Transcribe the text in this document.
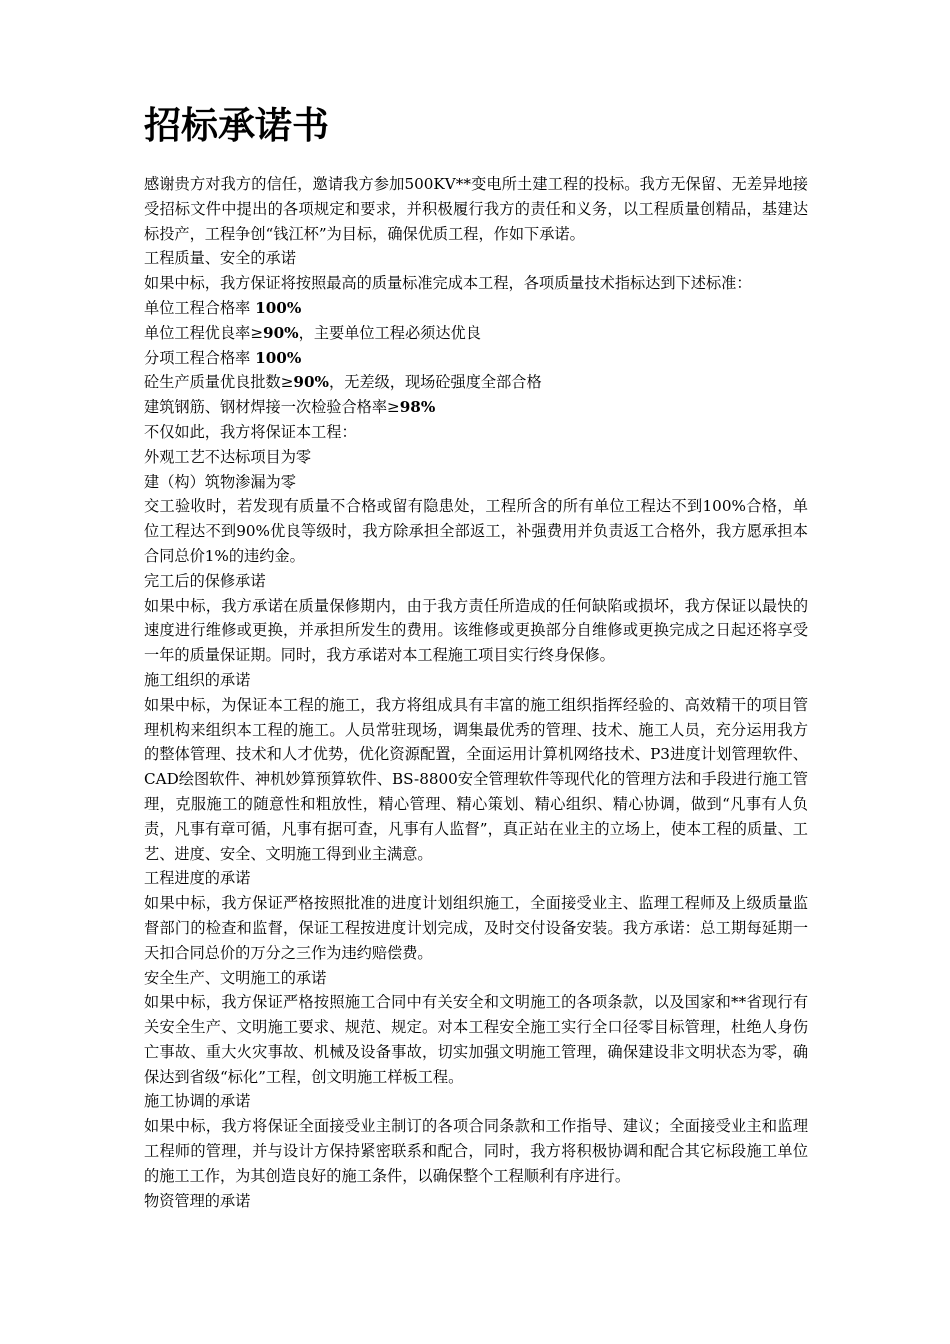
招标承诺书

感谢贵方对我方的信任，邀请我方参加500KV**变电所土建工程的投标。我方无保留、无差异地接受招标文件中提出的各项规定和要求，并积极履行我方的责任和义务，以工程质量创精品，基建达标投产，工程争创“钱江杯”为目标，确保优质工程，作如下承诺。

工程质量、安全的承诺

如果中标，我方保证将按照最高的质量标准完成本工程，各项质量技术指标达到下述标准：

单位工程合格率 100%

单位工程优良率≥90%，主要单位工程必须达优良

分项工程合格率 100%

砼生产质量优良批数≥90%，无差级，现场砼强度全部合格

建筑钢筋、钢材焊接一次检验合格率≥98%

不仅如此，我方将保证本工程：

外观工艺不达标项目为零

建（构）筑物渗漏为零

交工验收时，若发现有质量不合格或留有隐患处，工程所含的所有单位工程达不到100%合格，单位工程达不到90%优良等级时，我方除承担全部返工，补强费用并负责返工合格外，我方愿承担本合同总价1%的违约金。

完工后的保修承诺

如果中标，我方承诺在质量保修期内，由于我方责任所造成的任何缺陷或损坏，我方保证以最快的速度进行维修或更换，并承担所发生的费用。该维修或更换部分自维修或更换完成之日起还将享受一年的质量保证期。同时，我方承诺对本工程施工项目实行终身保修。

施工组织的承诺

如果中标，为保证本工程的施工，我方将组成具有丰富的施工组织指挥经验的、高效精干的项目管理机构来组织本工程的施工。人员常驻现场，调集最优秀的管理、技术、施工人员，充分运用我方的整体管理、技术和人才优势，优化资源配置，全面运用计算机网络技术、P3进度计划管理软件、CAD绘图软件、神机妙算预算软件、BS-8800安全管理软件等现代化的管理方法和手段进行施工管理，克服施工的随意性和粗放性，精心管理、精心策划、精心组织、精心协调，做到“凡事有人负责，凡事有章可循，凡事有据可查，凡事有人监督”，真正站在业主的立场上，使本工程的质量、工艺、进度、安全、文明施工得到业主满意。

工程进度的承诺

如果中标，我方保证严格按照批准的进度计划组织施工，全面接受业主、监理工程师及上级质量监督部门的检查和监督，保证工程按进度计划完成，及时交付设备安装。我方承诺：总工期每延期一天扣合同总价的万分之三作为违约赔偿费。

安全生产、文明施工的承诺

如果中标，我方保证严格按照施工合同中有关安全和文明施工的各项条款，以及国家和**省现行有关安全生产、文明施工要求、规范、规定。对本工程安全施工实行全口径零目标管理，杜绝人身伤亡事故、重大火灾事故、机械及设备事故，切实加强文明施工管理，确保建设非文明状态为零，确保达到省级“标化”工程，创文明施工样板工程。

施工协调的承诺

如果中标，我方将保证全面接受业主制订的各项合同条款和工作指导、建议；全面接受业主和监理工程师的管理，并与设计方保持紧密联系和配合，同时，我方将积极协调和配合其它标段施工单位的施工工作，为其创造良好的施工条件，以确保整个工程顺利有序进行。

物资管理的承诺
